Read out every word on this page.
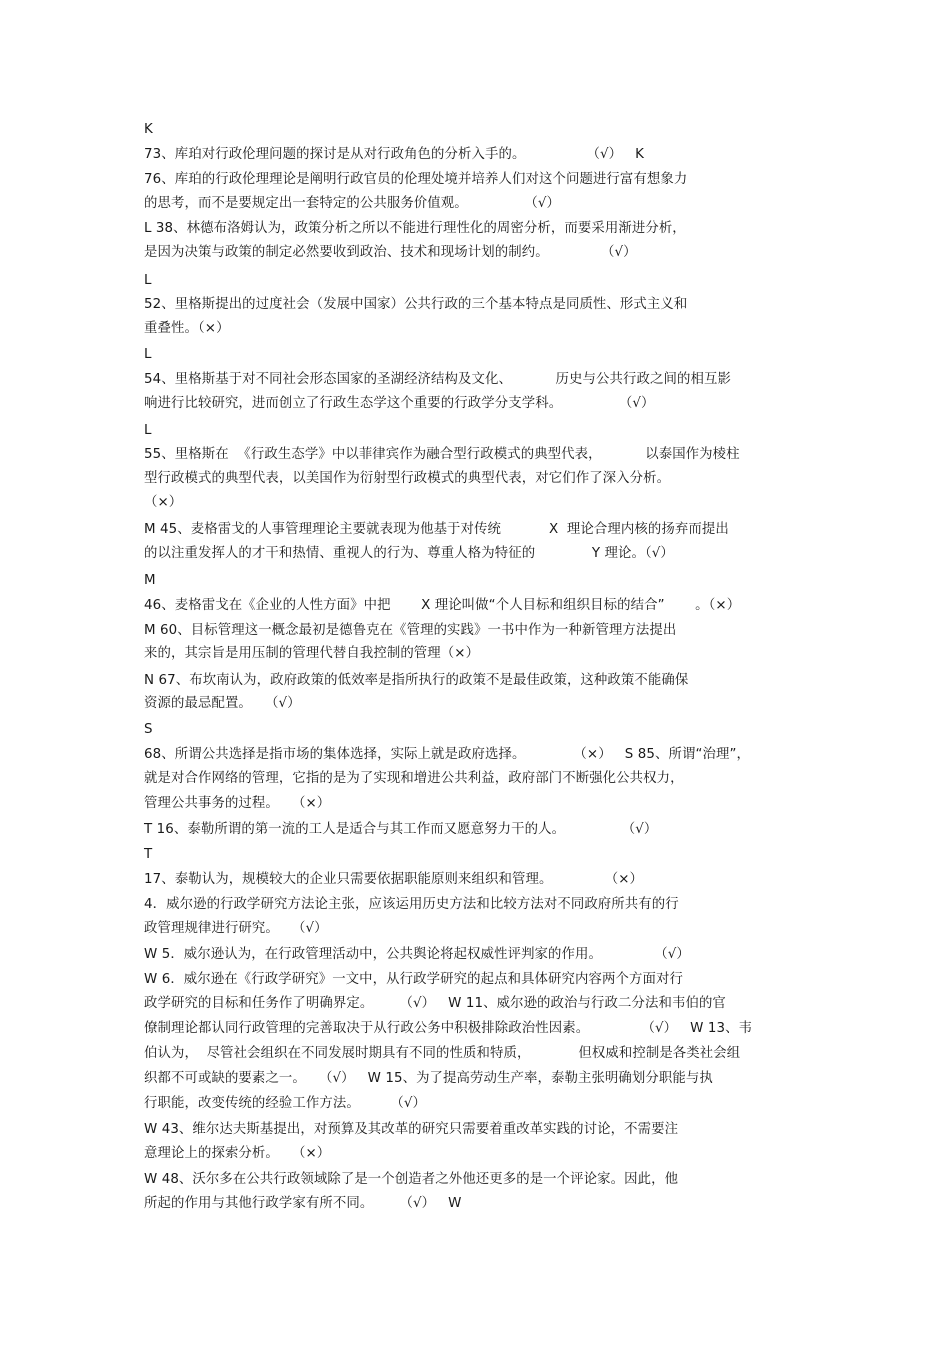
K
73、库珀对行政伦理问题的探讨是从对行政角色的分析入手的。              （√）   K
76、库珀的行政伦理理论是阐明行政官员的伦理处境并培养人们对这个问题进行富有想象力
的思考，而不是要规定出一套特定的公共服务价值观。             （√）
L 38、林德布洛姆认为，政策分析之所以不能进行理性化的周密分析，而要采用渐进分析，
是因为决策与政策的制定必然要收到政治、技术和现场计划的制约。            （√）
L
52、里格斯提出的过度社会（发展中国家）公共行政的三个基本特点是同质性、形式主义和
重叠性。（×）
L
54、里格斯基于对不同社会形态国家的圣湖经济结构及文化、          历史与公共行政之间的相互影
响进行比较研究，进而创立了行政生态学这个重要的行政学分支学科。             （√）
L
55、里格斯在  《行政生态学》中以菲律宾作为融合型行政模式的典型代表，          以泰国作为棱柱
型行政模式的典型代表，以美国作为衍射型行政模式的典型代表，对它们作了深入分析。
（×）
M 45、麦格雷戈的人事管理理论主要就表现为他基于对传统           X  理论合理内核的扬弃而提出
的以注重发挥人的才干和热情、重视人的行为、尊重人格为特征的             Y 理论。（√）
M
46、麦格雷戈在《企业的人性方面》中把       X 理论叫做“个人目标和组织目标的结合”       。（×）
M 60、目标管理这一概念最初是德鲁克在《管理的实践》一书中作为一种新管理方法提出
来的，其宗旨是用压制的管理代替自我控制的管理（×）
N 67、布坎南认为，政府政策的低效率是指所执行的政策不是最佳政策，这种政策不能确保
资源的最忌配置。   （√）
S
68、所谓公共选择是指市场的集体选择，实际上就是政府选择。           （×）   S 85、所谓“治理”，
就是对合作网络的管理，它指的是为了实现和增进公共利益，政府部门不断强化公共权力，
管理公共事务的过程。   （×）
T 16、泰勒所谓的第一流的工人是适合与其工作而又愿意努力干的人。             （√）
T
17、泰勒认为，规模较大的企业只需要依据职能原则来组织和管理。            （×）
4．威尔逊的行政学研究方法论主张，应该运用历史方法和比较方法对不同政府所共有的行
政管理规律进行研究。   （√）
W 5．威尔逊认为，在行政管理活动中，公共舆论将起权威性评判家的作用。            （√）
W 6．威尔逊在《行政学研究》一文中，从行政学研究的起点和具体研究内容两个方面对行
政学研究的目标和任务作了明确界定。      （√）   W 11、威尔逊的政治与行政二分法和韦伯的官
僚制理论都认同行政管理的完善取决于从行政公务中积极排除政治性因素。            （√）   W 13、韦
伯认为，  尽管社会组织在不同发展时期具有不同的性质和特质，           但权威和控制是各类社会组
织都不可或缺的要素之一。   （√）   W 15、为了提高劳动生产率，泰勒主张明确划分职能与执
行职能，改变传统的经验工作方法。       （√）
W 43、维尔达夫斯基提出，对预算及其改革的研究只需要着重改革实践的讨论，不需要注
意理论上的探索分析。   （×）
W 48、沃尔多在公共行政领域除了是一个创造者之外他还更多的是一个评论家。因此，他
所起的作用与其他行政学家有所不同。      （√）   W
